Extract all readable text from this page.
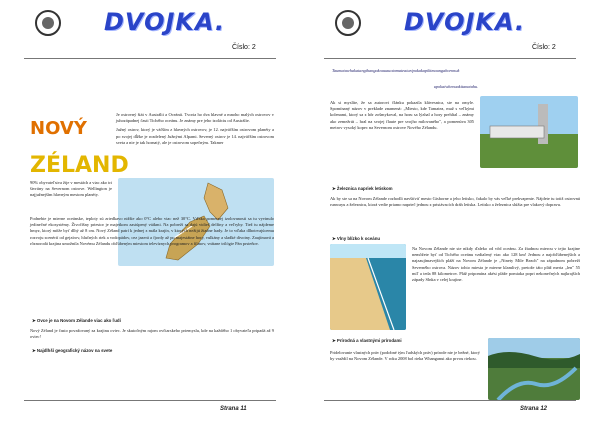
DVOJKA.
Číslo: 2
NOVÝ
ZÉLAND

Je ostrovný štát v Austrálii a Oceánii. Tvoria ho dva hlavné a mnoho malých ostrovov v juhozápadnej časti Tichého oceánu. Je známy pre jeho izoláciu od Austrálie.

Južný ostrov, ktorý je väčším z hlavných ostrovov, je 12. najväčším ostrovom planéty a po svojej dĺžke je rozdelený Južnými Alpami. Severný ostrov je 14. najväčším ostrovom sveta a nie je tak hornatý, ale je ostrovom sopečným. Takmer

90% obyvateľstva žije v mestách a viac ako tri štvrtiny na Severnom ostrove. Wellington je najjužnejším hlavným mestom planéty.

Podnebie je mierne oceánske, teploty sú zriedkavo nižšie ako 0°C alebo viac než 30°C. Vďaka pomernej izolovanosti sa tu vyvinulo jedinečné ekosystémy. Živočíšny priestor je majetkom zastúpený vtákmi. Na pobreží sa dajú vidieť delfíny a veľryby. Tiež tu nájdeme hmyz, ktorý môže byť dlhý až 8 cm. Nový Zéland patrí k jednej z mála krajín, v ktorých nežijú žiadne hady. Je to vďaka dlhotrvajúcemu rozvoju scenérií od gejzírov, hlučných riek a vodopádov, cez jazerá a fjordy až po majestátne hory, vulkány a sladké divoiny. Zaujímavá a rôznorodá krajina umožnila Novému Zélandu obľúbeným miestom televíznych programov a filmov, vrátane trilógie Pán prsteňov.
➤ Ovce je na Novom Zélande viac ako ľudí
Nový Zéland je často považovaný za krajinu oviec. Je skutočným rajom ovčiarskeho priemyslu, kde na každého 1 obyvateľa pripadá až 9 oviec!
➤ Najdlhší geografický názov na svete
Strana 11
DVOJKA.
Číslo: 2
Taumatawhakatangihangakoauauotamateaturipukakapikimaungahoronuk
upokaiwhenuakitanatahu.
Ak si myslíte, že sa autorovi článku pokazila klávesnica, ste na omyle. Spomínaný názov v preklade znamená: „Miesto, kde Tamatea, muž s veľkými kolenami, ktorý sa z hôr zošmykoval, na horu sa lýzhal a hory prehltal – známy ako zemežrút – hral na svojej flaute pre svojho milovaného", a pomenúva 305 metrov vysoký kopec na Severnom ostrove Nového Zélandu.
➤ Železnica napriek letiskom
Ak by ste sa na Novom Zélande rozhodli navštíviť mesto Gisborne a jeho letisko, čakalo by vás veľké prekvapenie. Nájdete tu totiž ostrovnú runwayu a železnicu, ktorá vedie priamo naprieč jednou z pristávacích dráh letiska. Letisko a železnica slúžia pre vlakový dopravu.
➤ Vlny blízko k oceánu
Na Novom Zélande nie ste nikdy ďaleko od vôd oceánu. Za žiadnou mierou v tejto krajine nemôžete byť od Tichého oceánu vzdialený viac ako 128 km! Jednou z najobľúbenejších a najzaujímavejších pláží na Novom Zélande je „Ninety Mile Beach" na západnom pobreží Severného ostrova. Názov tohto miesta je mierne klamlivý, pretože táto pláž meria „len" 55 míľ a teda 88 kilometrov. Pláž pripomína akési pláže pomiaka popri nekonečných najkrajších západy Slnka v celej krajine.
➤ Prírodná a vlastnými prírodami
Pridelovanie vlastných práv (podobné tým ľudských práv) prírode nie je bežné, ktorý by vraždil na Novom Zélande. V roku 2008 bol rieka Whanganui ako prvou riekou.
Strana 12
